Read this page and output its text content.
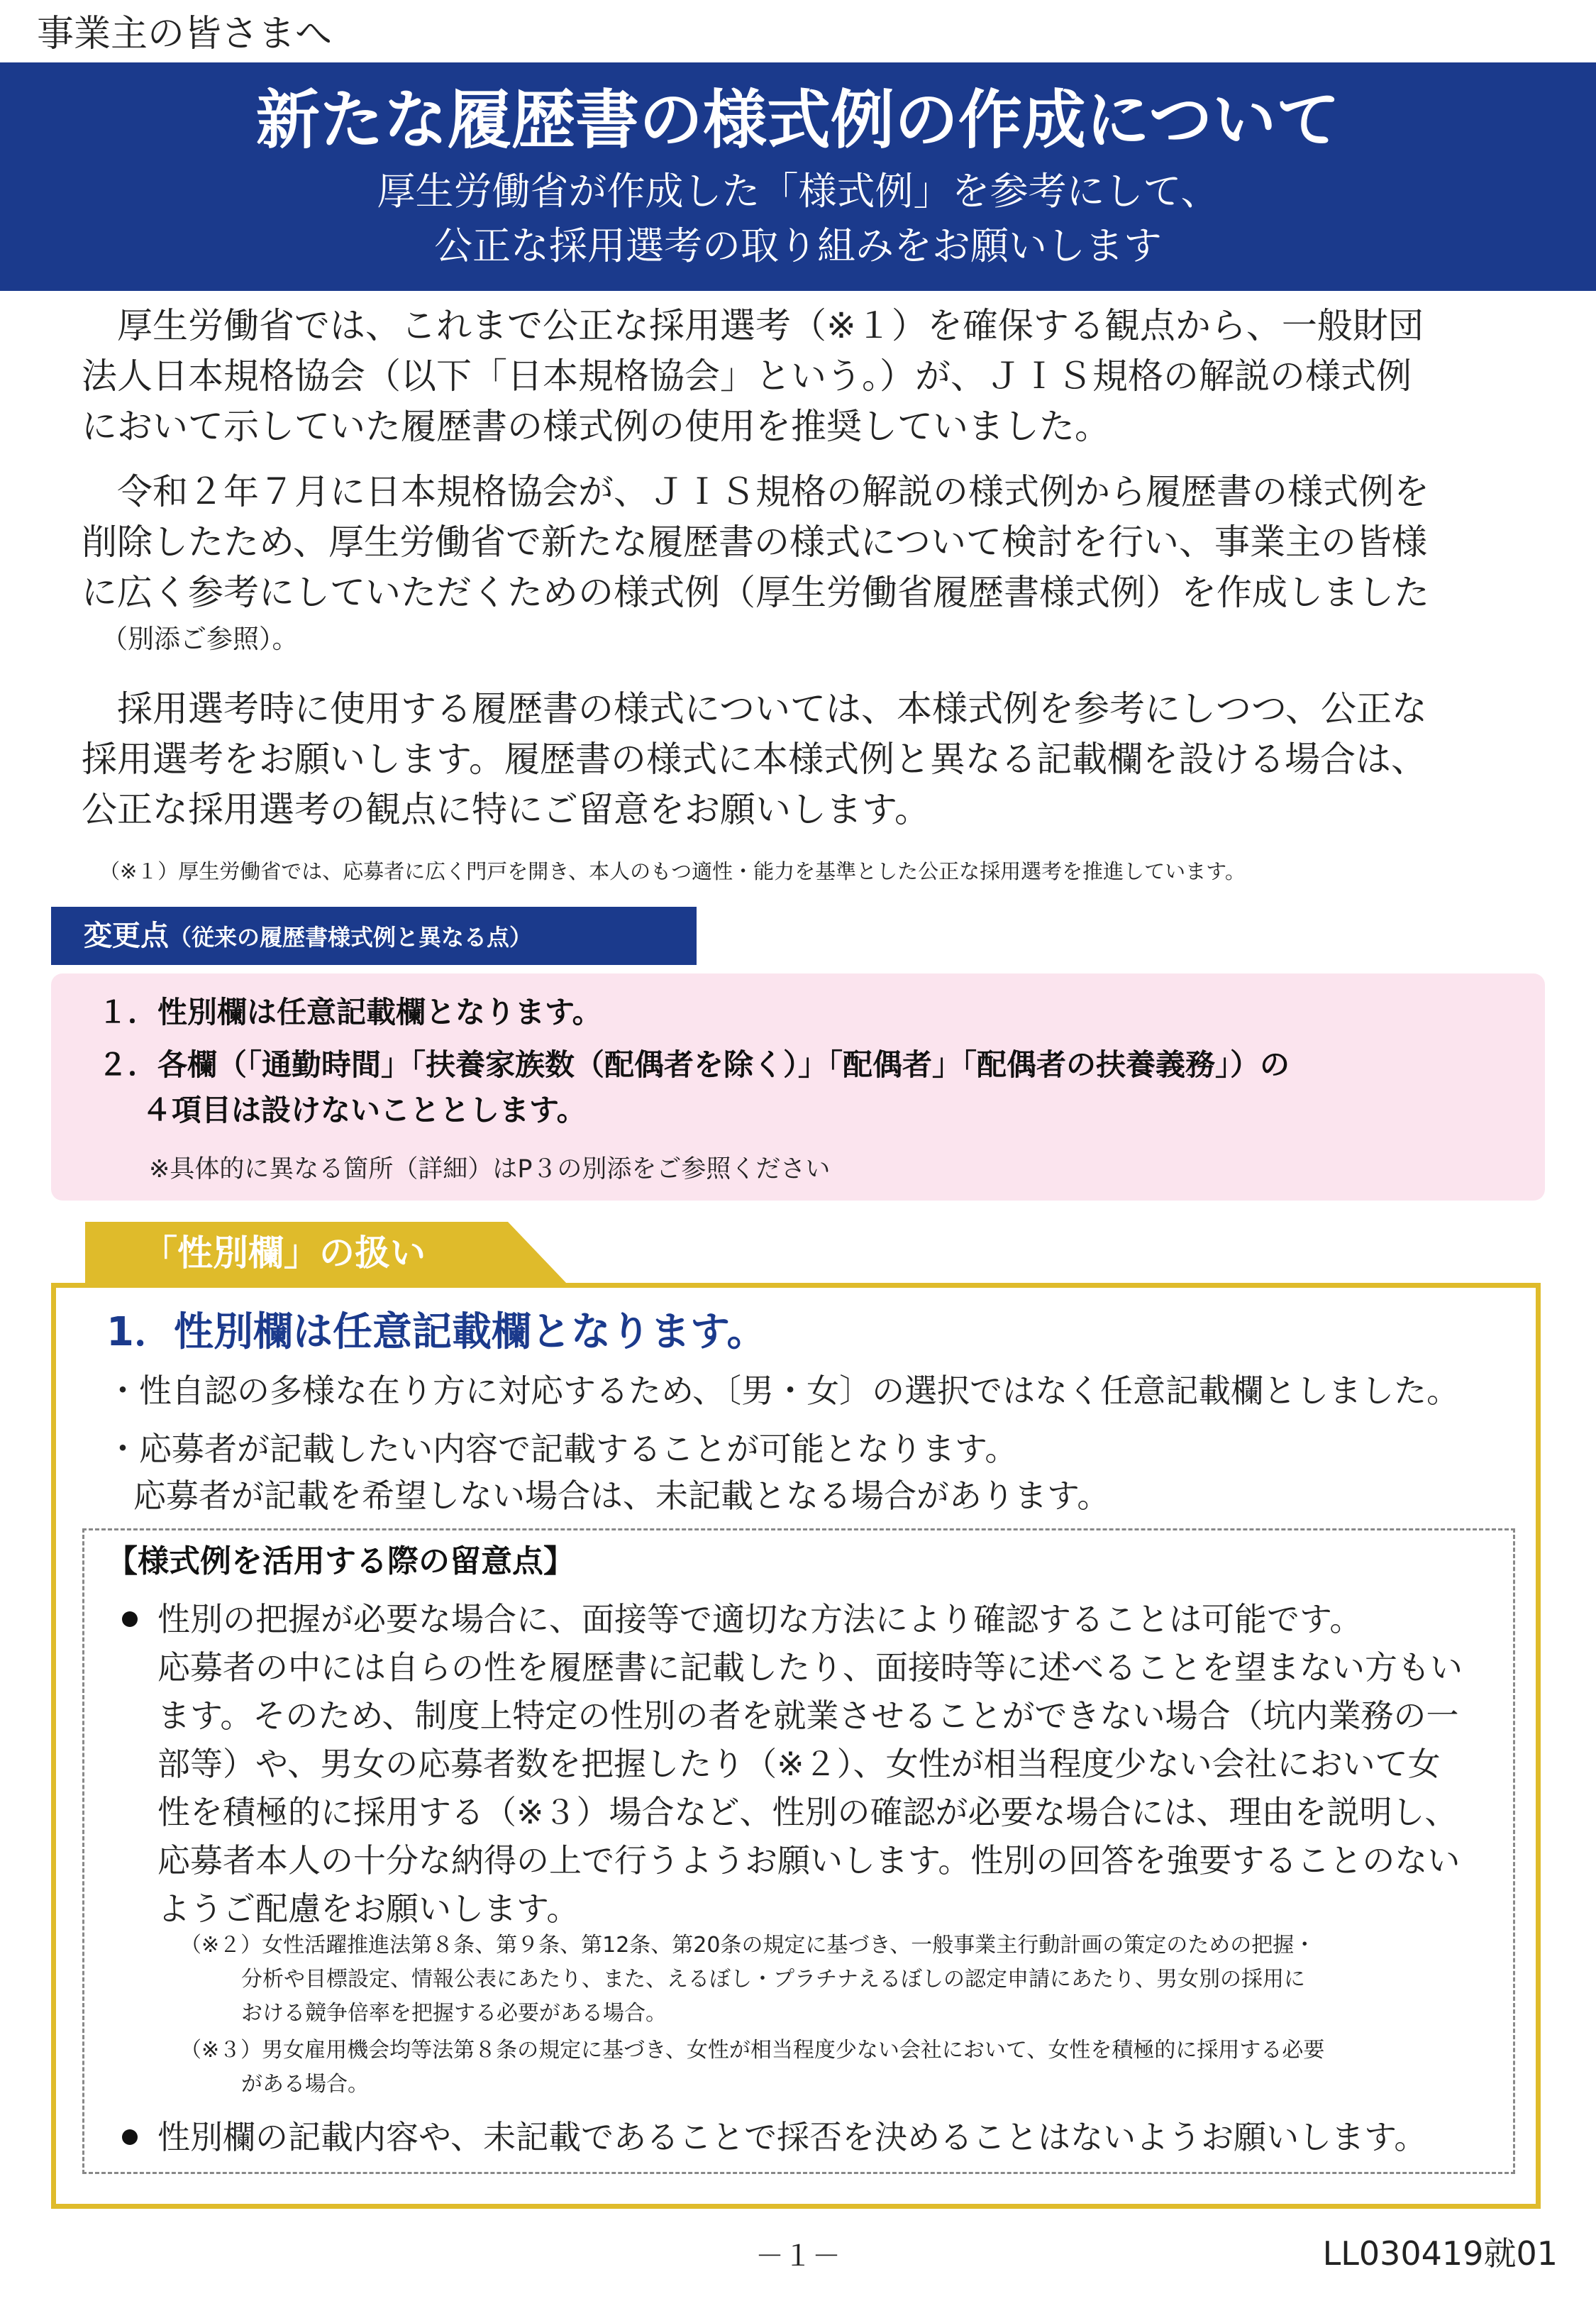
事業主の皆さまへ
新たな履歴書の様式例の作成について
厚生労働省が作成した「様式例」を参考にして、
公正な採用選考の取り組みをお願いします
厚生労働省では、これまで公正な採用選考（※１）を確保する観点から、一般財団
法人日本規格協会（以下「日本規格協会」という。）が、ＪＩＳ規格の解説の様式例
において示していた履歴書の様式例の使用を推奨していました。
令和２年７月に日本規格協会が、ＪＩＳ規格の解説の様式例から履歴書の様式例を
削除したため、厚生労働省で新たな履歴書の様式について検討を行い、事業主の皆様
に広く参考にしていただくための様式例（厚生労働省履歴書様式例）を作成しました
（別添ご参照）。
採用選考時に使用する履歴書の様式については、本様式例を参考にしつつ、公正な
採用選考をお願いします。履歴書の様式に本様式例と異なる記載欄を設ける場合は、
公正な採用選考の観点に特にご留意をお願いします。
（※１）厚生労働省では、応募者に広く門戸を開き、本人のもつ適性・能力を基準とした公正な採用選考を推進しています。
変更点（従来の履歴書様式例と異なる点）
１．性別欄は任意記載欄となります。
２．各欄（「通勤時間」「扶養家族数（配偶者を除く）」「配偶者」「配偶者の扶養義務」）の
４項目は設けないこととします。
※具体的に異なる箇所（詳細）はP３の別添をご参照ください
「性別欄」の扱い
1．性別欄は任意記載欄となります。
・性自認の多様な在り方に対応するため、〔男・女〕の選択ではなく任意記載欄としました。
・応募者が記載したい内容で記載することが可能となります。
応募者が記載を希望しない場合は、未記載となる場合があります。
【様式例を活用する際の留意点】
性別の把握が必要な場合に、面接等で適切な方法により確認することは可能です。
応募者の中には自らの性を履歴書に記載したり、面接時等に述べることを望まない方もい
ます。そのため、制度上特定の性別の者を就業させることができない場合（坑内業務の一
部等）や、男女の応募者数を把握したり（※２）、女性が相当程度少ない会社において女
性を積極的に採用する（※３）場合など、性別の確認が必要な場合には、理由を説明し、
応募者本人の十分な納得の上で行うようお願いします。性別の回答を強要することのない
ようご配慮をお願いします。
（※２）女性活躍推進法第８条、第９条、第12条、第20条の規定に基づき、一般事業主行動計画の策定のための把握・
分析や目標設定、情報公表にあたり、また、えるぼし・プラチナえるぼしの認定申請にあたり、男女別の採用に
おける競争倍率を把握する必要がある場合。
（※３）男女雇用機会均等法第８条の規定に基づき、女性が相当程度少ない会社において、女性を積極的に採用する必要
がある場合。
性別欄の記載内容や、未記載であることで採否を決めることはないようお願いします。
－１－	LL030419就01
